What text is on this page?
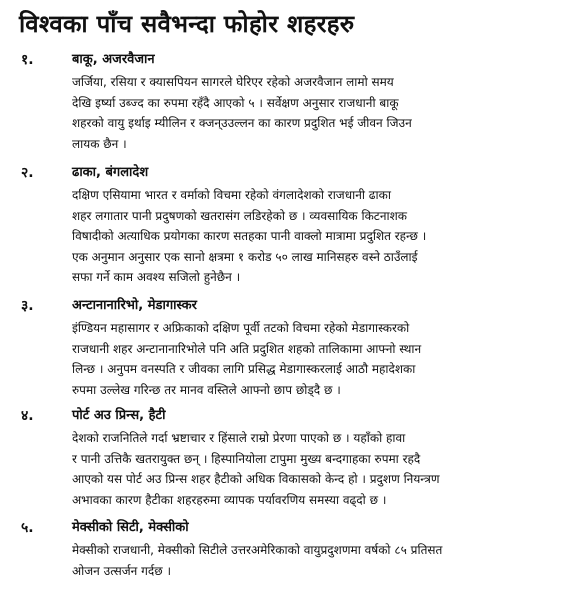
विश्वका पाँच सवैभन्दा फोहोर शहरहरु
१.	बाकू, अजरवैजान
जर्जिया, रसिया र क्यासपियन सागरले घेरिएर रहेको अजरवैजान लामो समय
देखि इर्ष्या उब्ज्द का रुपमा रहँदै आएको ५ । सर्वेक्षण अनुसार राजधानी बाकू
शहरको वायु इर्थाइ म्यीलिन र क्जन्उउल्लन का कारण प्रदुशित भई जीवन जिउन
लायक छैन ।
२.	ढाका, बंगलादेश
दक्षिण एसियामा भारत र वर्माको विचमा रहेको वंगलादेशको राजधानी ढाका
शहर लगातार पानी प्रदुषणको खतरासंग लडिरहेको छ । व्यवसायिक किटनाशक
विषादीको अत्याधिक प्रयोगका कारण सतहका पानी वाक्लो मात्रामा प्रदुशित रहन्छ ।
एक अनुमान अनुसार एक सानो क्षत्रमा १ करोड ५० लाख मानिसहरु वस्ने ठाउँलाई
सफा गर्ने काम अवश्य सजिलो हुनेछैन ।
३.	अन्टानानारिभो, मेडागास्कर
इंण्डियन महासागर र अफ्रिकाको दक्षिण पूर्वी तटको विचमा रहेको मेडागास्करको
राजधानी शहर अन्टानानारिभोले पनि अति प्रदुशित शहको तालिकामा आफ्नो स्थान
लिन्छ । अनुपम वनस्पति र जीवका लागि प्रसिद्ध मेडागास्करलाई आठौ महादेशका
रुपमा उल्लेख गरिन्छ तर मानव वस्तिले आफ्नो छाप छोड्दै छ ।
४.	पोर्ट अउ प्रिन्स, हैटी
देशको राजनितिले गर्दा भ्रष्टाचार र हिंसाले राम्रो प्रेरणा पाएको छ । यहाँको हावा
र पानी उत्तिकै खतरायुक्त छन् । हिस्पानियोला टापुमा मुख्य बन्दगाहका रुपमा रहदै
आएको यस पोर्ट अउ प्रिन्स शहर हैटीको अधिक विकासको केन्द हो । प्रदुशण नियन्त्रण
अभावका कारण हैटीका शहरहरुमा व्यापक पर्यावरणिय समस्या वढ्दो छ ।
५.	मेक्सीको सिटी, मेक्सीको
मेक्सीको राजधानी, मेक्सीको सिटीले उत्तरअमेरिकाको वायुप्रदुशणमा वर्षको ८५ प्रतिसत
ओजन उत्सर्जन गर्दछ ।
